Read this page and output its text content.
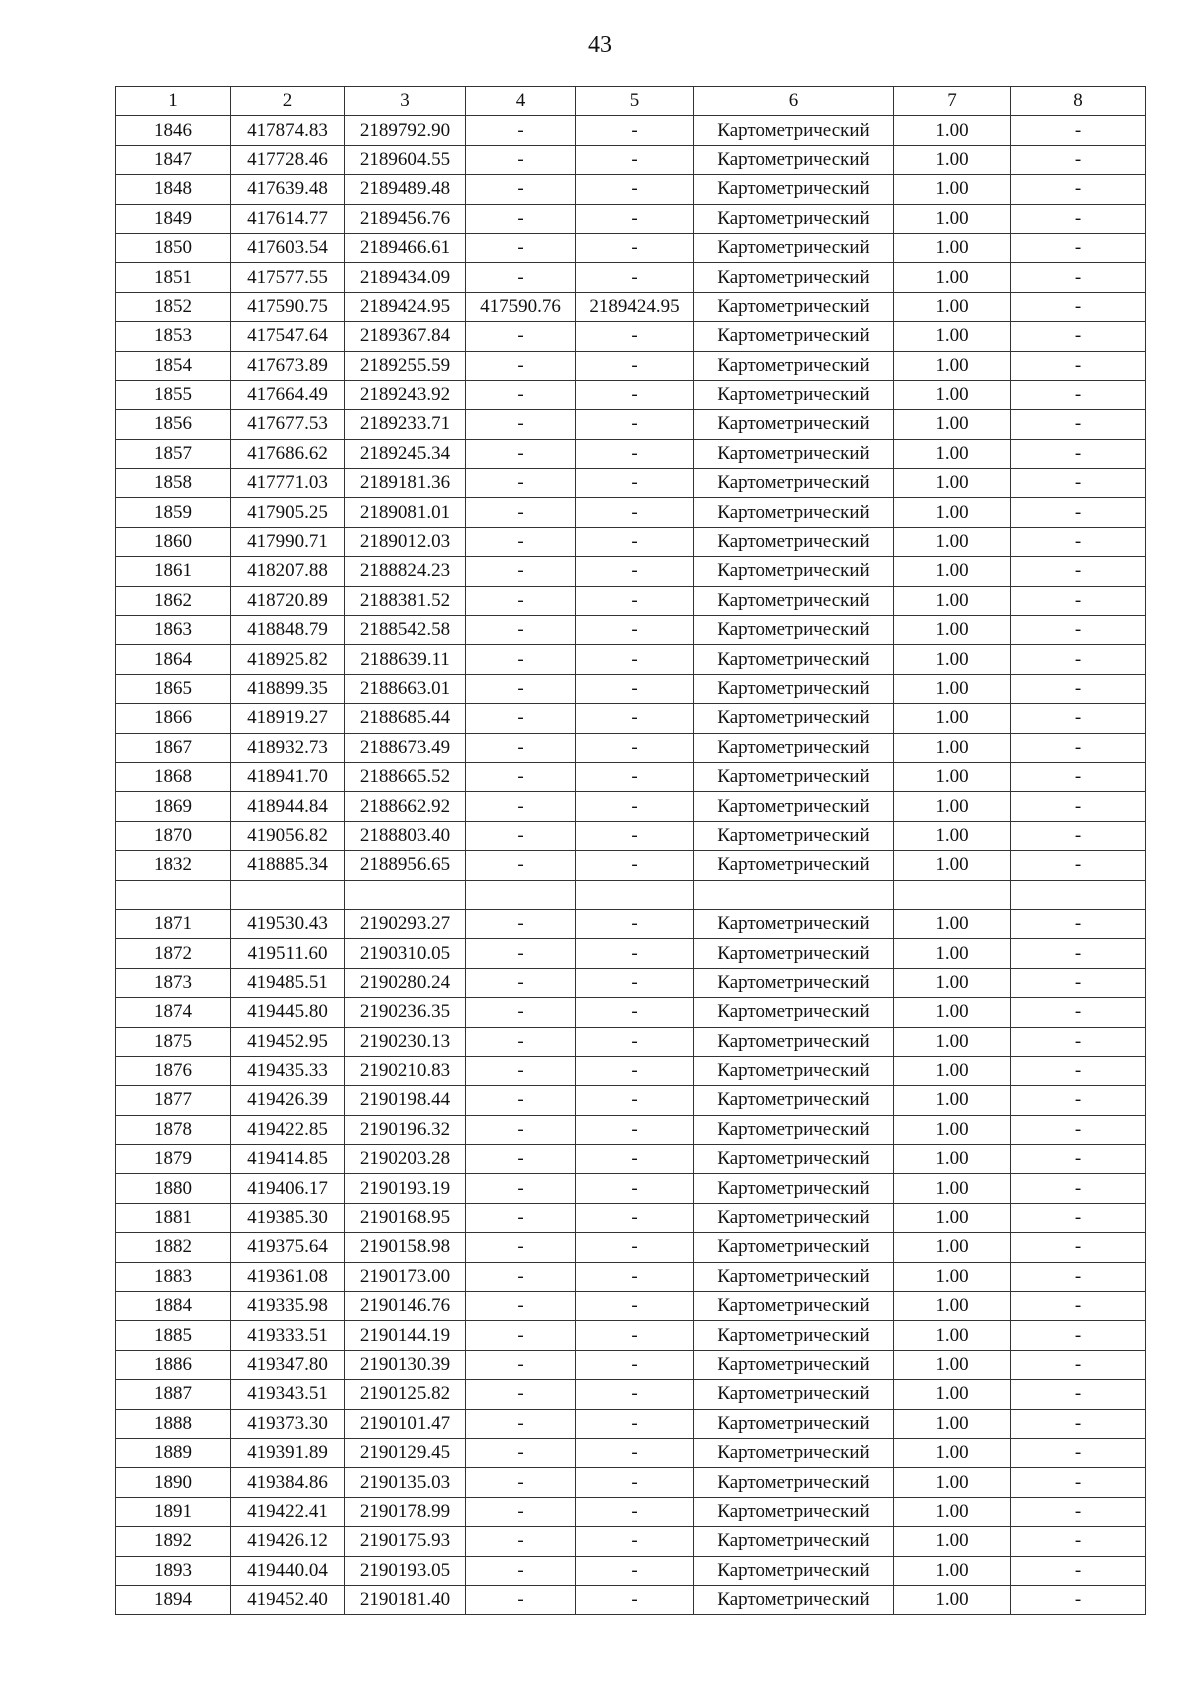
43
1	2	3	4	5	6	7	8
1846	417874.83	2189792.90	-	-	Картометрический	1.00	-
1847	417728.46	2189604.55	-	-	Картометрический	1.00	-
1848	417639.48	2189489.48	-	-	Картометрический	1.00	-
1849	417614.77	2189456.76	-	-	Картометрический	1.00	-
1850	417603.54	2189466.61	-	-	Картометрический	1.00	-
1851	417577.55	2189434.09	-	-	Картометрический	1.00	-
1852	417590.75	2189424.95	417590.76	2189424.95	Картометрический	1.00	-
1853	417547.64	2189367.84	-	-	Картометрический	1.00	-
1854	417673.89	2189255.59	-	-	Картометрический	1.00	-
1855	417664.49	2189243.92	-	-	Картометрический	1.00	-
1856	417677.53	2189233.71	-	-	Картометрический	1.00	-
1857	417686.62	2189245.34	-	-	Картометрический	1.00	-
1858	417771.03	2189181.36	-	-	Картометрический	1.00	-
1859	417905.25	2189081.01	-	-	Картометрический	1.00	-
1860	417990.71	2189012.03	-	-	Картометрический	1.00	-
1861	418207.88	2188824.23	-	-	Картометрический	1.00	-
1862	418720.89	2188381.52	-	-	Картометрический	1.00	-
1863	418848.79	2188542.58	-	-	Картометрический	1.00	-
1864	418925.82	2188639.11	-	-	Картометрический	1.00	-
1865	418899.35	2188663.01	-	-	Картометрический	1.00	-
1866	418919.27	2188685.44	-	-	Картометрический	1.00	-
1867	418932.73	2188673.49	-	-	Картометрический	1.00	-
1868	418941.70	2188665.52	-	-	Картометрический	1.00	-
1869	418944.84	2188662.92	-	-	Картометрический	1.00	-
1870	419056.82	2188803.40	-	-	Картометрический	1.00	-
1832	418885.34	2188956.65	-	-	Картометрический	1.00	-

1871	419530.43	2190293.27	-	-	Картометрический	1.00	-
1872	419511.60	2190310.05	-	-	Картометрический	1.00	-
1873	419485.51	2190280.24	-	-	Картометрический	1.00	-
1874	419445.80	2190236.35	-	-	Картометрический	1.00	-
1875	419452.95	2190230.13	-	-	Картометрический	1.00	-
1876	419435.33	2190210.83	-	-	Картометрический	1.00	-
1877	419426.39	2190198.44	-	-	Картометрический	1.00	-
1878	419422.85	2190196.32	-	-	Картометрический	1.00	-
1879	419414.85	2190203.28	-	-	Картометрический	1.00	-
1880	419406.17	2190193.19	-	-	Картометрический	1.00	-
1881	419385.30	2190168.95	-	-	Картометрический	1.00	-
1882	419375.64	2190158.98	-	-	Картометрический	1.00	-
1883	419361.08	2190173.00	-	-	Картометрический	1.00	-
1884	419335.98	2190146.76	-	-	Картометрический	1.00	-
1885	419333.51	2190144.19	-	-	Картометрический	1.00	-
1886	419347.80	2190130.39	-	-	Картометрический	1.00	-
1887	419343.51	2190125.82	-	-	Картометрический	1.00	-
1888	419373.30	2190101.47	-	-	Картометрический	1.00	-
1889	419391.89	2190129.45	-	-	Картометрический	1.00	-
1890	419384.86	2190135.03	-	-	Картометрический	1.00	-
1891	419422.41	2190178.99	-	-	Картометрический	1.00	-
1892	419426.12	2190175.93	-	-	Картометрический	1.00	-
1893	419440.04	2190193.05	-	-	Картометрический	1.00	-
1894	419452.40	2190181.40	-	-	Картометрический	1.00	-
